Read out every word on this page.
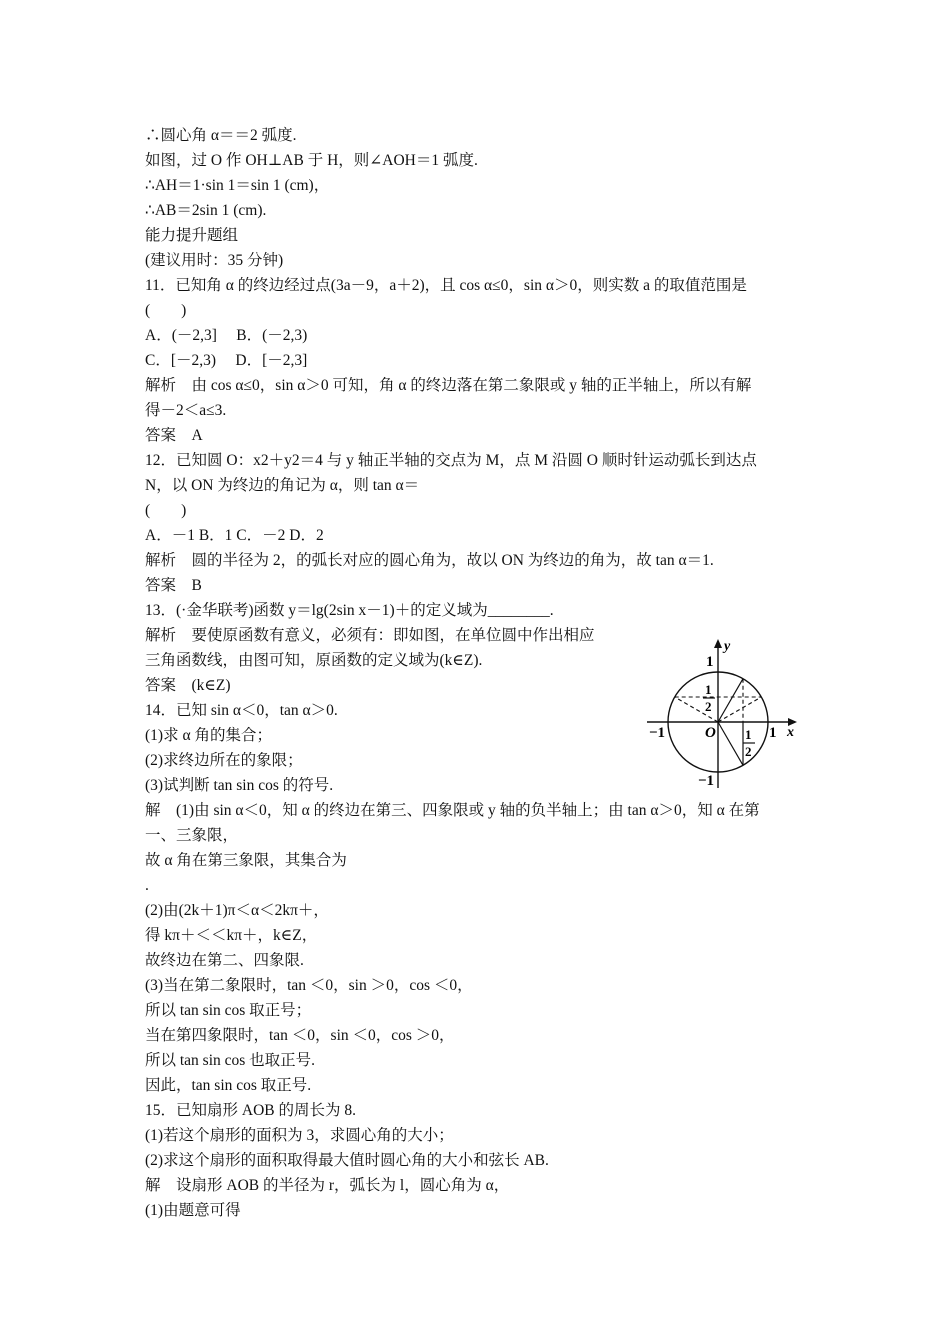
∴圆心角 α＝＝2 弧度.
如图，过 O 作 OH⊥AB 于 H，则∠AOH＝1 弧度.
∴AH＝1·sin 1＝sin 1 (cm)，
∴AB＝2sin 1 (cm).
能力提升题组
(建议用时：35 分钟)
11．已知角 α 的终边经过点(3a－9，a＋2)，且 cos α≤0，sin α＞0，则实数 a 的取值范围是
(　　)
A．(－2,3]　 B．(－2,3)
C．[－2,3)　 D．[－2,3]
解析　由 cos α≤0，sin α＞0 可知，角 α 的终边落在第二象限或 y 轴的正半轴上，所以有解
得－2＜a≤3.
答案　A
12．已知圆 O：x2＋y2＝4 与 y 轴正半轴的交点为 M，点 M 沿圆 O 顺时针运动弧长到达点
N，以 ON 为终边的角记为 α，则 tan α＝
(　　)
A．－1 B．1 C．－2 D．2
解析　圆的半径为 2，的弧长对应的圆心角为，故以 ON 为终边的角为，故 tan α＝1.
答案　B
13．(·金华联考)函数 y＝lg(2sin x－1)＋的定义域为________.
解析　要使原函数有意义，必须有：即如图，在单位圆中作出相应
三角函数线，由图可知，原函数的定义域为(k∈Z).
答案　(k∈Z)
14．已知 sin α＜0，tan α＞0.
(1)求 α 角的集合；
(2)求终边所在的象限；
(3)试判断 tan sin cos 的符号.
解　(1)由 sin α＜0，知 α 的终边在第三、四象限或 y 轴的负半轴上；由 tan α＞0，知 α 在第
一、三象限，
故 α 角在第三象限，其集合为
.
(2)由(2k＋1)π＜α＜2kπ＋，
得 kπ＋＜＜kπ＋，k∈Z，
故终边在第二、四象限.
(3)当在第二象限时，tan ＜0，sin ＞0，cos ＜0，
所以 tan sin cos 取正号；
当在第四象限时，tan ＜0，sin ＜0，cos ＞0，
所以 tan sin cos 也取正号.
因此，tan sin cos 取正号.
15．已知扇形 AOB 的周长为 8.
(1)若这个扇形的面积为 3，求圆心角的大小；
(2)求这个扇形的面积取得最大值时圆心角的大小和弦长 AB.
解　设扇形 AOB 的半径为 r，弧长为 l，圆心角为 α，
(1)由题意可得
y
x
O
1
−1
−1	1
1
2
1
2
